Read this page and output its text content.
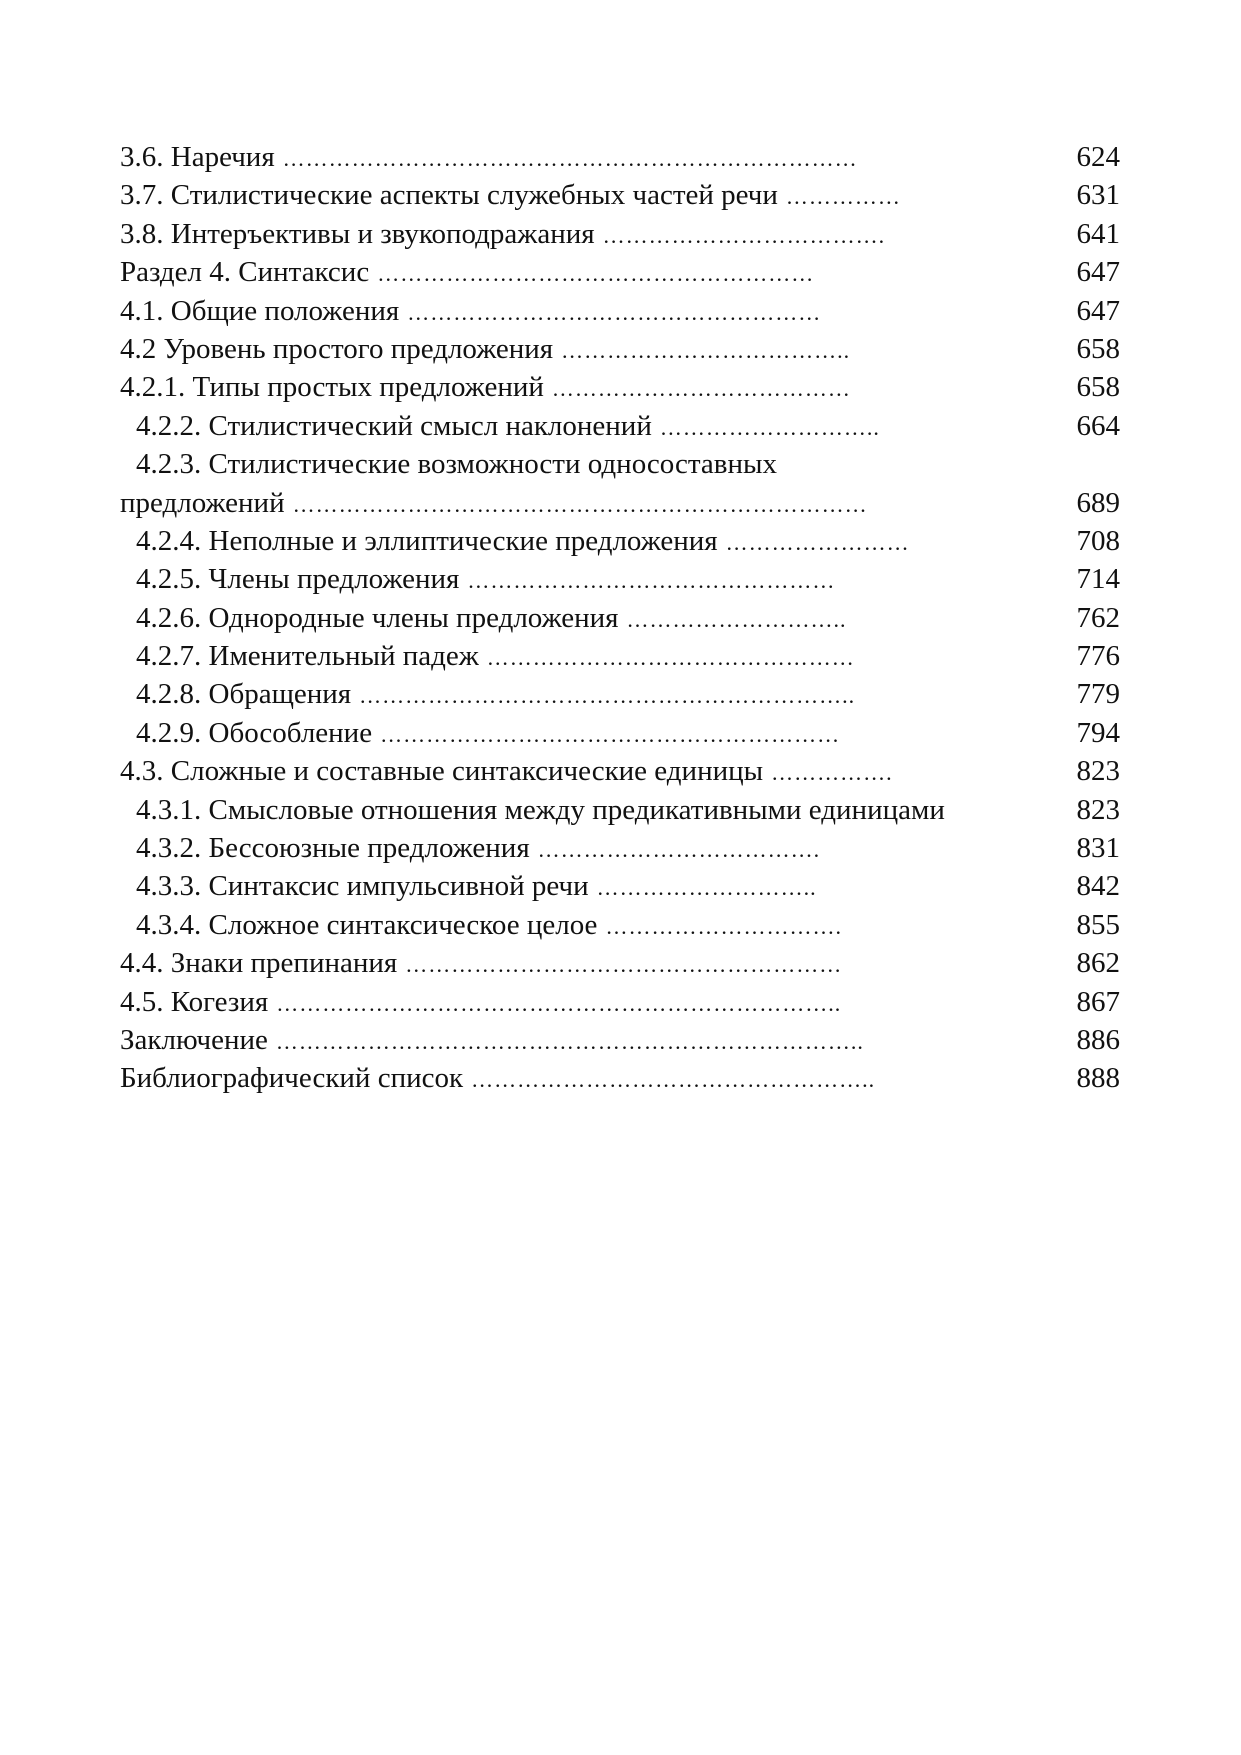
3.6. Наречия …………………………………………………………………	624
3.7. Стилистические аспекты служебных частей речи ……………	631
3.8. Интеръективы и звукоподражания ……………………………….	641
Раздел 4. Синтаксис …………………………………………………	647
4.1. Общие положения ………………………………………………	647
4.2 Уровень простого предложения ………………………………..	658
4.2.1. Типы простых предложений …………………………………	658
4.2.2. Стилистический смысл наклонений ………………………..	664
4.2.3. Стилистические возможности односоставных
предложений …………………………………………………………………	689
4.2.4. Неполные и эллиптические предложения ……………………	708
4.2.5. Члены предложения …………………………………………	714
4.2.6. Однородные члены предложения ………………………..	762
4.2.7. Именительный падеж …………………………………………	776
4.2.8. Обращения ………………………………………………………..	779
4.2.9. Обособление ……………………………………………………	794
4.3. Сложные и составные синтаксические единицы …………….	823
4.3.1. Смысловые отношения между предикативными единицами	823
4.3.2. Бессоюзные предложения ……………………………….	831
4.3.3. Синтаксис импульсивной речи ………………………..	842
4.3.4. Сложное синтаксическое целое ………………………….	855
4.4. Знаки препинания …………………………………………………	862
4.5. Когезия ………………………………………………………………..	867
Заключение …………………………………………………………………..	886
Библиографический список ……………………………………………..	888
